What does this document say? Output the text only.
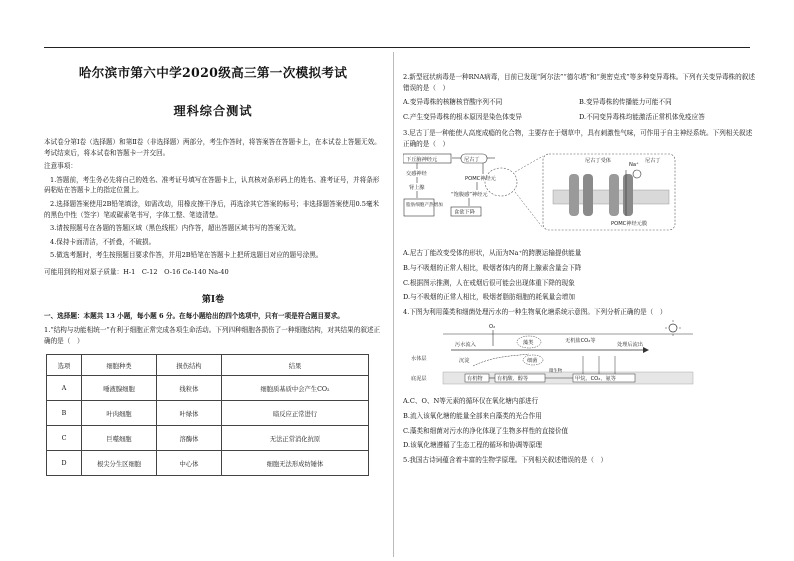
哈尔滨市第六中学2020级高三第一次模拟考试
理科综合测试

本试卷分第Ⅰ卷（选择题）和第Ⅱ卷（非选择题）两部分，考生作答时，将答案答在答题卡上，在本试卷上答题无效。考试结束后，将本试卷和答题卡一并交回。

注意事项：

1.答题前，考生务必先将自己的姓名、准考证号填写在答题卡上，认真核对条形码上的姓名、准考证号，并将条形码粘贴在答题卡上的指定位置上。

2.选择题答案使用2B铅笔填涂，如需改动，用橡皮擦干净后，再选涂其它答案的标号；非选择题答案使用0.5毫米的黑色中性（签字）笔或碳素笔书写，字体工整、笔迹清楚。

3.请按照题号在各题的答题区域（黑色线框）内作答，超出答题区域书写的答案无效。

4.保持卡面清洁，不折叠，不破损。

5.做选考题时，考生按照题目要求作答，并用2B铅笔在答题卡上把所选题目对应的题号涂黑。

可能用到的相对原子质量：H-1　C-12　O-16 Ce-140 Na-40

第Ⅰ卷

一、选择题：本题共 13 小题，每小题 6 分。在每小题给出的四个选项中，只有一项是符合题目要求。

1.“结构与功能相统一”有利于细胞正常完成各项生命活动。下列四种细胞各损伤了一种细胞结构，对其结果的叙述正确的是（　）

选项	细胞种类	损伤结构	结果
A	唾液腺细胞	线粒体	细胞质基质中会产生CO₂
B	叶肉细胞	叶绿体	暗反应正常进行
C	巨噬细胞	溶酶体	无法正常消化抗原
D	根尖分生区细胞	中心体	细胞无法形成纺锤体

2.新型冠状病毒是一种RNA病毒，目前已发现“阿尔法”“德尔塔”和“奥密克戎”等多种变异毒株。下列有关变异毒株的叙述错误的是（　）

A.变异毒株的核糖核苷酸序列不同	B.变异毒株的传播能力可能不同
C.产生变异毒株的根本原因是染色体变异	D.不同变异毒株均能激活正常机体免疫应答

3.尼古丁是一种能使人高度成瘾的化合物，主要存在于烟草中，具有刺激性气味，可作用于自主神经系统。下列相关叙述正确的是（　）

下丘脑神经元	尼古丁
交感神经
肾上腺
脂肪细胞产热增加
POMC神经元
“饱腹感”神经元
食欲下降
尼古丁受体
Na⁺
尼古丁
POMC神经元膜

A.尼古丁能改变受体的形状，从而为Na⁺的跨膜运输提供能量

B.与不吸烟的正常人相比，吸烟者体内的肾上腺素含量会下降

C.根据图示推测，人在戒烟后很可能会出现体重下降的现象

D.与不吸烟的正常人相比，吸烟者脂肪细胞的耗氧量会增加

4.下图为利用藻类和细菌处理污水的一种生物氧化塘系统示意图。下列分析正确的是（　）

O₂
污水流入	藻类	无机盐CO₂等
处理后流出
水体层	沉淀	细菌
底泥层	有机物	有机酸、醇等
微生物
甲烷、CO₂、氨等

A.C、O、N等元素的循环仅在氧化塘内部进行

B.流入该氧化塘的能量全部来自藻类的光合作用

C.藻类和细菌对污水的净化体现了生物多样性的直接价值

D.该氧化塘遵循了生态工程的循环和协调等原理

5.我国古诗词蕴含着丰富的生物学原理。下列相关叙述错误的是（　）
